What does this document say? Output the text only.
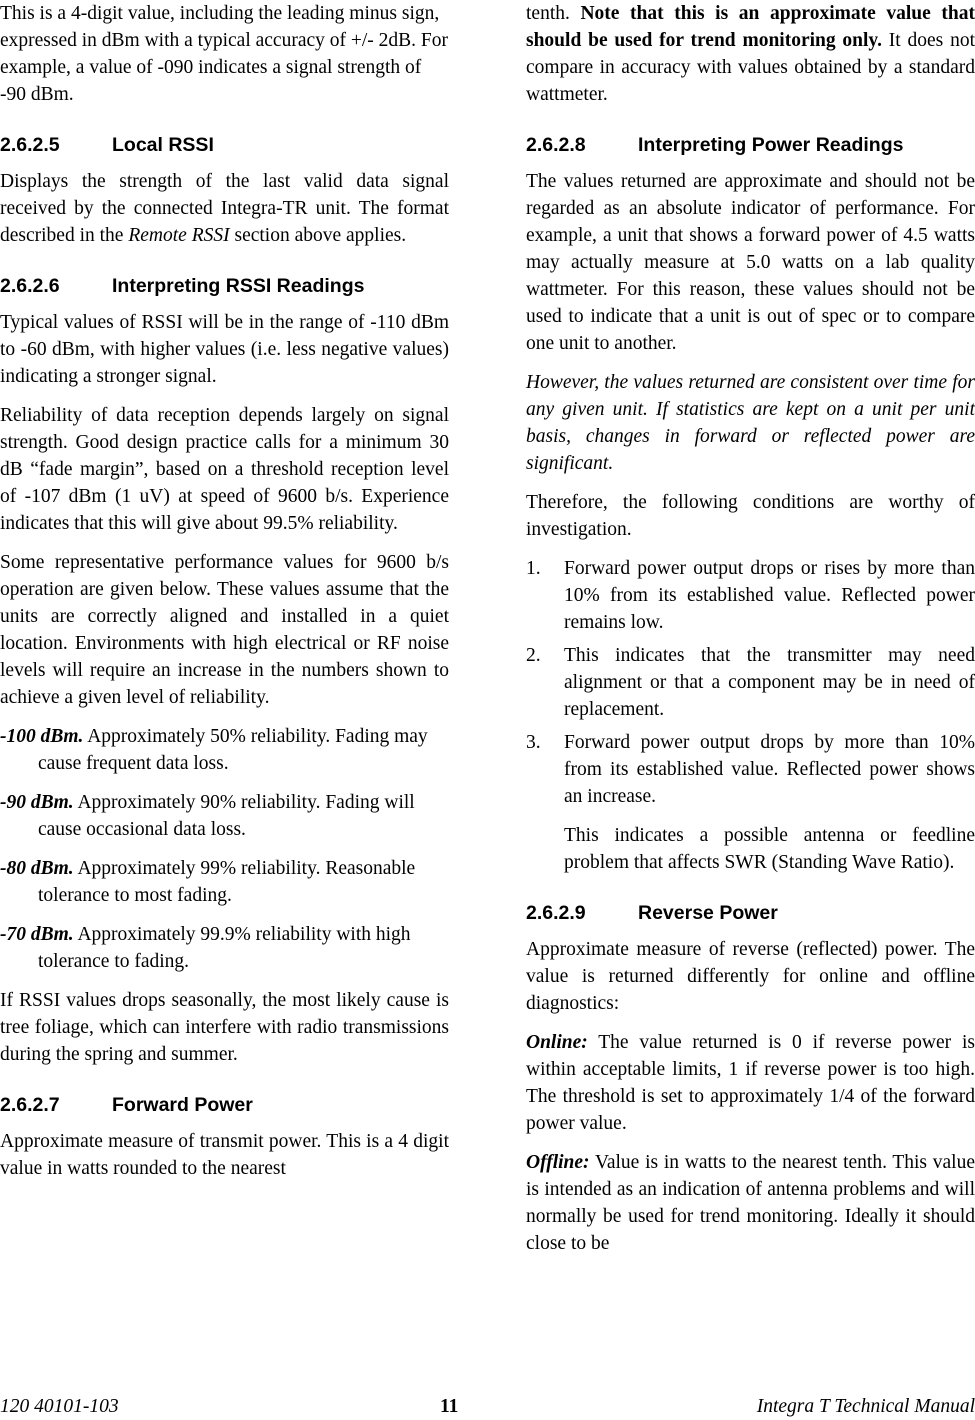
This is a 4-digit value, including the leading minus sign, expressed in dBm with a typical accuracy of +/- 2dB. For example, a value of -090 indicates a signal strength of -90 dBm.

2.6.2.5	Local RSSI

Displays the strength of the last valid data signal received by the connected Integra-TR unit. The format described in the Remote RSSI section above applies.

2.6.2.6	Interpreting RSSI Readings

Typical values of RSSI will be in the range of -110 dBm to -60 dBm, with higher values (i.e. less negative values) indicating a stronger signal.

Reliability of data reception depends largely on signal strength. Good design practice calls for a minimum 30 dB “fade margin”, based on a threshold reception level of -107 dBm (1 uV) at speed of 9600 b/s. Experience indicates that this will give about 99.5% reliability.

Some representative performance values for 9600 b/s operation are given below. These values assume that the units are correctly aligned and installed in a quiet location. Environments with high electrical or RF noise levels will require an increase in the numbers shown to achieve a given level of reliability.

-100 dBm. Approximately 50% reliability. Fading may cause frequent data loss.

-90 dBm. Approximately 90% reliability. Fading will cause occasional data loss.

-80 dBm. Approximately 99% reliability. Reasonable tolerance to most fading.

-70 dBm. Approximately 99.9% reliability with high tolerance to fading.

If RSSI values drops seasonally, the most likely cause is tree foliage, which can interfere with radio transmissions during the spring and summer.

2.6.2.7	Forward Power

Approximate measure of transmit power. This is a 4 digit value in watts rounded to the nearest

tenth. Note that this is an approximate value that should be used for trend monitoring only. It does not compare in accuracy with values obtained by a standard wattmeter.

2.6.2.8	Interpreting Power Readings

The values returned are approximate and should not be regarded as an absolute indicator of performance. For example, a unit that shows a forward power of 4.5 watts may actually measure at 5.0 watts on a lab quality wattmeter. For this reason, these values should not be used to indicate that a unit is out of spec or to compare one unit to another.

However, the values returned are consistent over time for any given unit. If statistics are kept on a unit per unit basis, changes in forward or reflected power are significant.

Therefore, the following conditions are worthy of investigation.

1. Forward power output drops or rises by more than 10% from its established value. Reflected power remains low.
2. This indicates that the transmitter may need alignment or that a component may be in need of replacement.
3. Forward power output drops by more than 10% from its established value. Reflected power shows an increase.

This indicates a possible antenna or feedline problem that affects SWR (Standing Wave Ratio).

2.6.2.9	Reverse Power

Approximate measure of reverse (reflected) power. The value is returned differently for online and offline diagnostics:

Online: The value returned is 0 if reverse power is within acceptable limits, 1 if reverse power is too high. The threshold is set to approximately 1/4 of the forward power value.

Offline: Value is in watts to the nearest tenth. This value is intended as an indication of antenna problems and will normally be used for trend monitoring. Ideally it should close to be

120 40101-103	11	Integra T Technical Manual
